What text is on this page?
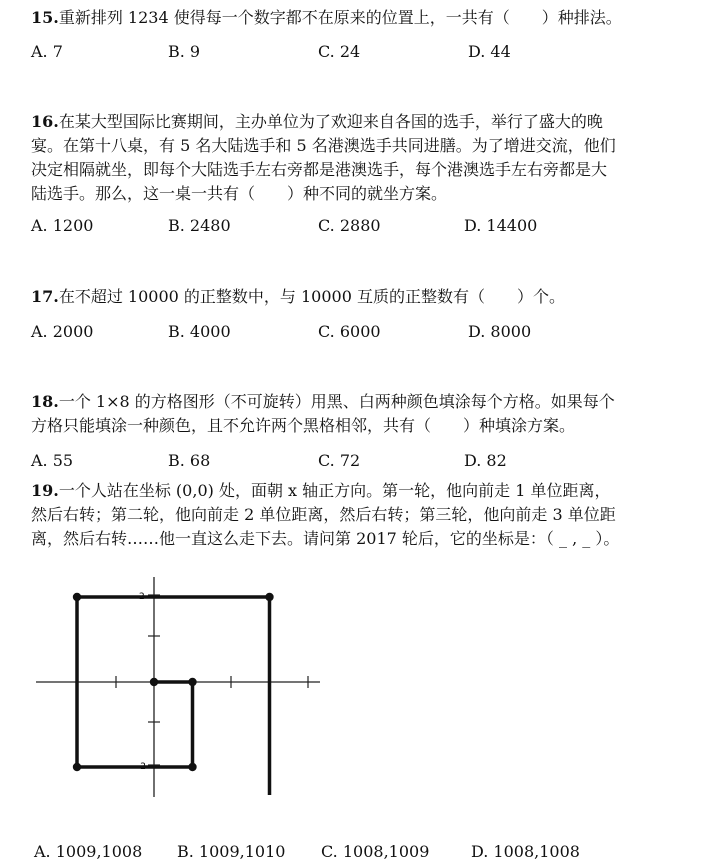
15.重新排列 1234 使得每一个数字都不在原来的位置上，一共有（　　）种排法。
A. 7	B. 9	C. 24	D. 44
16.在某大型国际比赛期间，主办单位为了欢迎来自各国的选手，举行了盛大的晚
宴。在第十八桌，有 5 名大陆选手和 5 名港澳选手共同进膳。为了增进交流，他们
决定相隔就坐，即每个大陆选手左右旁都是港澳选手，每个港澳选手左右旁都是大
陆选手。那么，这一桌一共有（　　）种不同的就坐方案。
A. 1200	B. 2480	C. 2880	D. 14400
17.在不超过 10000 的正整数中，与 10000 互质的正整数有（　　）个。
A. 2000	B. 4000	C. 6000	D. 8000
18.一个 1×8 的方格图形（不可旋转）用黑、白两种颜色填涂每个方格。如果每个
方格只能填涂一种颜色，且不允许两个黑格相邻，共有（　　）种填涂方案。
A. 55	B. 68	C. 72	D. 82
19.一个人站在坐标 (0,0) 处，面朝 x 轴正方向。第一轮，他向前走 1 单位距离，
然后右转；第二轮，他向前走 2 单位距离，然后右转；第三轮，他向前走 3 单位距
离，然后右转……他一直这么走下去。请问第 2017 轮后，它的坐标是：（ _ , _ ）。
2
-2
A. 1009,1008 B. 1009,1010 C. 1008,1009	D. 1008,1008
